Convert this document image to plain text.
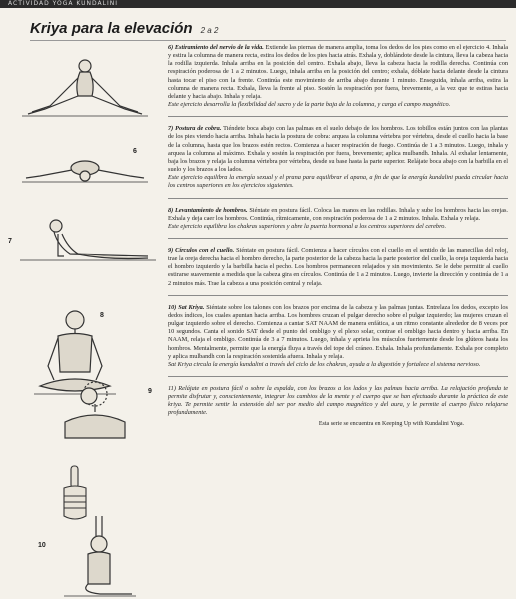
ACTIVIDAD YOGA KUNDALINI
Kriya para la elevación 2 a 2
6
7
8
9
10

6) Estiramiento del nervio de la vida. Extiende las piernas de manera amplia, toma los dedos de los pies como en el ejercicio 4. Inhala y estira la columna de manera recta, estira los dedos de los pies hacia atrás. Exhala y, doblándote desde la cintura, lleva la cabeza hacia la rodilla izquierda. Inhala arriba en la posición del centro. Exhala abajo, lleva la cabeza hacia la rodilla derecha. Continúa con respiración poderosa de 1 a 2 minutos. Luego, inhala arriba en la posición del centro; exhala, dóblate hacia delante desde la cintura hasta tocar el piso con la frente. Continúa este movimiento de arriba abajo durante 1 minuto. Enseguida, inhala arriba, estira la columna de manera recta. Exhala, lleva la frente al piso. Sostén la respiración por fuera, brevemente, a la vez que te estiras hacia delante y hacia abajo. Inhala y relaja.
Este ejercicio desarrolla la flexibilidad del sacro y de la parte baja de la columna, y carga el campo magnético.

7) Postura de cobra. Tiéndete boca abajo con las palmas en el suelo debajo de los hombros. Los tobillos están juntos con las plantas de los pies viendo hacia arriba. Inhala hacia la postura de cobra: arquea la columna vértebra por vértebra, desde el cuello hacia la base de la columna, hasta que los brazos estén rectos. Comienza a hacer respiración de fuego. Continúa de 1 a 3 minutos. Luego, inhala y arquea la columna al máximo. Exhala y sostén la respiración por fuera, brevemente; aplica mulbandh. Inhala. Al exhalar lentamente, baja los brazos y relaja la columna vértebra por vértebra, desde su base hasta la parte superior. Relájate boca abajo con la barbilla en el suelo y los brazos a los lados.
Este ejercicio equilibra la energía sexual y el prana para equilibrar el apana, a fin de que la energía kundalini pueda circular hacia los centros superiores en los ejercicios siguientes.

8) Levantamiento de hombros. Siéntate en postura fácil. Coloca las manos en las rodillas. Inhala y sube los hombros hacia las orejas. Exhala y deja caer los hombros. Continúa, rítmicamente, con respiración poderosa de 1 a 2 minutos. Inhala. Exhala y relaja.
Este ejercicio equilibra los chakras superiores y abre la puerta hormonal a los centros superiores del cerebro.

9) Círculos con el cuello. Siéntate en postura fácil. Comienza a hacer círculos con el cuello en el sentido de las manecillas del reloj, trae la oreja derecha hacia el hombro derecho, la parte posterior de la cabeza hacia la parte posterior del cuello, la oreja izquierda hacia el hombro izquierdo y la barbilla hacia el pecho. Los hombros permanecen relajados y sin movimiento. Se le debe permitir al cuello estirarse suavemente a medida que la cabeza gira en círculos. Continúa de 1 a 2 minutos. Luego, invierte la dirección y continúa de 1 a 2 minutos más. Trae la cabeza a una posición central y relaja.

10) Sat Kriya. Siéntate sobre los talones con los brazos por encima de la cabeza y las palmas juntas. Entrelaza los dedos, excepto los dedos índices, los cuales apuntan hacia arriba. Los hombres cruzan el pulgar derecho sobre el pulgar izquierdo; las mujeres cruzan el pulgar izquierdo sobre el derecho. Comienza a cantar SAT NAAM de manera enfática, a un ritmo constante alrededor de 8 veces por 10 segundos. Canta el sonido SAT desde el punto del ombligo y el plexo solar, contrae el ombligo hacia dentro y hacia arriba. En NAAM, relaja el ombligo. Continúa de 3 a 7 minutos. Luego, inhala y aprieta los músculos fuertemente desde los glúteos hasta los hombros. Mentalmente, permite que la energía fluya a través del tope del cráneo. Exhala. Inhala profundamente. Exhala por completo y aplica mulbandh con la respiración sostenida afuera. Inhala y relaja.
Sat Kriya circula la energía kundalini a través del ciclo de los chakras, ayuda a la digestión y fortalece el sistema nervioso.

11) Relájate en postura fácil o sobre la espalda, con los brazos a los lados y las palmas hacia arriba. La relajación profunda te permite disfrutar y, conscientemente, integrar los cambios de la mente y el cuerpo que se han efectuado durante la práctica de este kriya. Te permite sentir la extensión del ser por medio del campo magnético y del aura, y le permite al cuerpo físico relajarse profundamente.

Esta serie se encuentra en Keeping Up with Kundalini Yoga.
